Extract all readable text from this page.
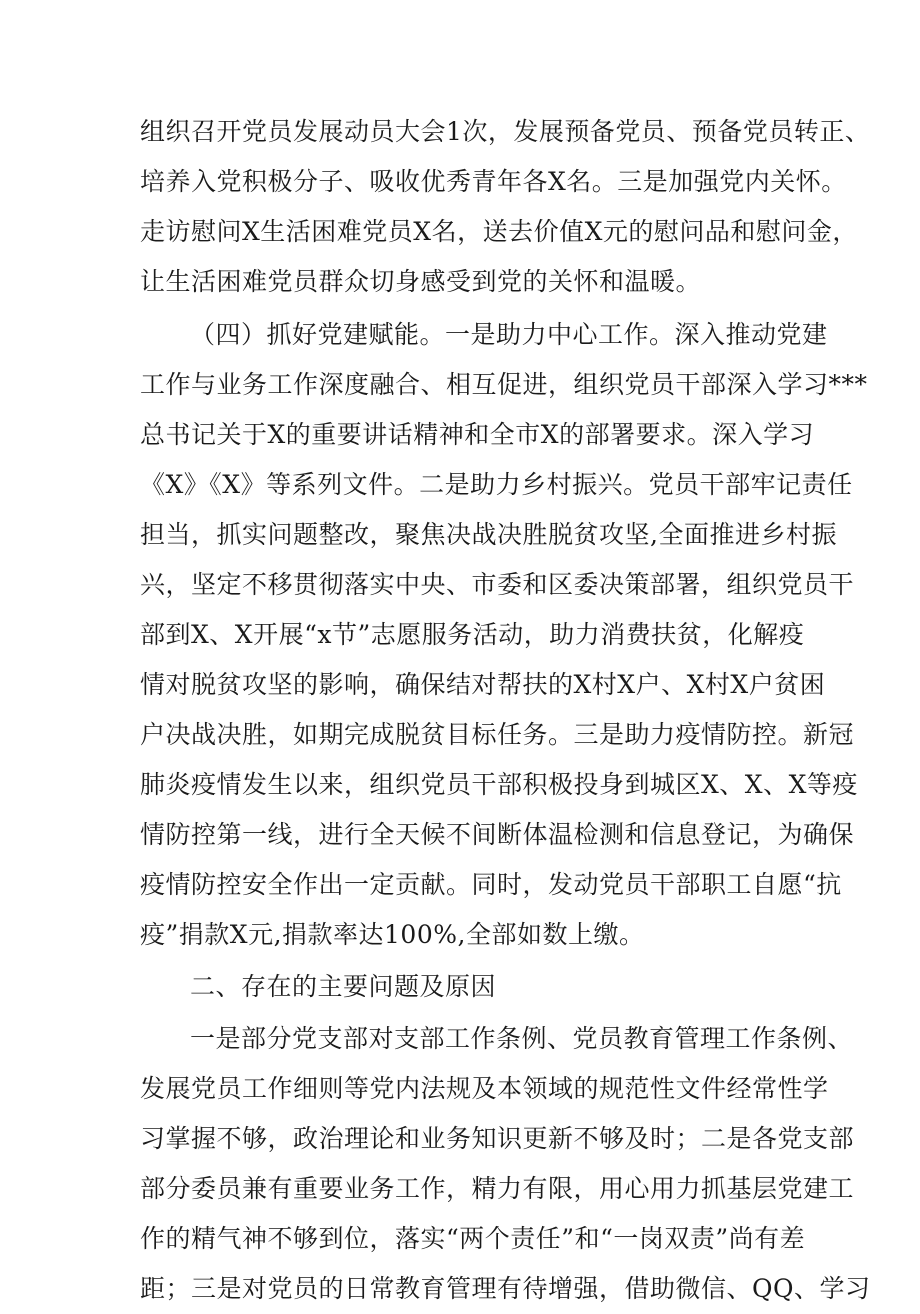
组织召开党员发展动员大会1次，发展预备党员、预备党员转正、
培养入党积极分子、吸收优秀青年各X名。三是加强党内关怀。
走访慰问X生活困难党员X名，送去价值X元的慰问品和慰问金，
让生活困难党员群众切身感受到党的关怀和温暖。
（四）抓好党建赋能。一是助力中心工作。深入推动党建
工作与业务工作深度融合、相互促进，组织党员干部深入学习***
总书记关于X的重要讲话精神和全市X的部署要求。深入学习
《X》《X》等系列文件。二是助力乡村振兴。党员干部牢记责任
担当，抓实问题整改，聚焦决战决胜脱贫攻坚,全面推进乡村振
兴，坚定不移贯彻落实中央、市委和区委决策部署，组织党员干
部到X、X开展“x节”志愿服务活动，助力消费扶贫，化解疫
情对脱贫攻坚的影响，确保结对帮扶的X村X户、X村X户贫困
户决战决胜，如期完成脱贫目标任务。三是助力疫情防控。新冠
肺炎疫情发生以来，组织党员干部积极投身到城区X、X、X等疫
情防控第一线，进行全天候不间断体温检测和信息登记，为确保
疫情防控安全作出一定贡献。同时，发动党员干部职工自愿“抗
疫”捐款X元,捐款率达100%,全部如数上缴。
二、存在的主要问题及原因
一是部分党支部对支部工作条例、党员教育管理工作条例、
发展党员工作细则等党内法规及本领域的规范性文件经常性学
习掌握不够，政治理论和业务知识更新不够及时；二是各党支部
部分委员兼有重要业务工作，精力有限，用心用力抓基层党建工
作的精气神不够到位，落实“两个责任”和“一岗双责”尚有差
距；三是对党员的日常教育管理有待增强，借助微信、QQ、学习
